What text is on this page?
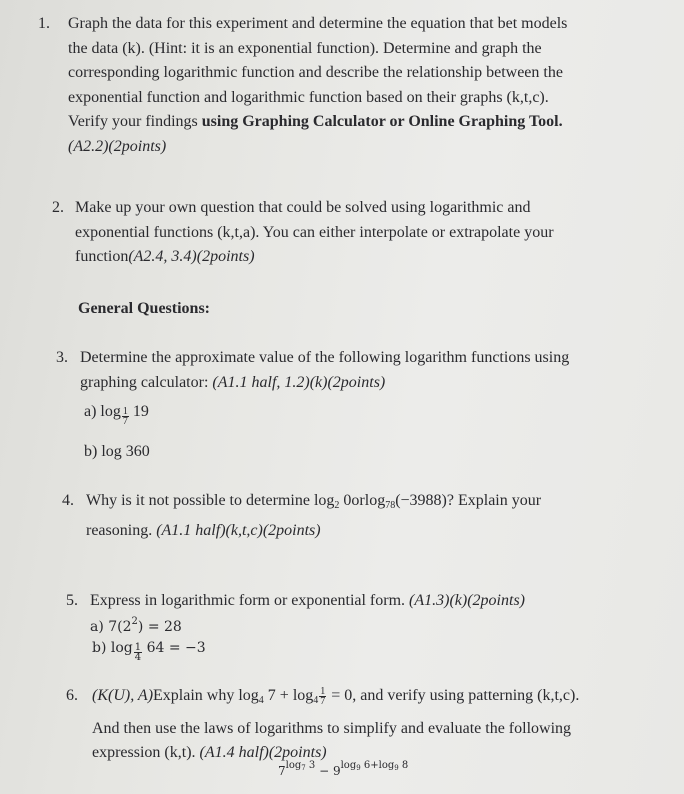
1. Graph the data for this experiment and determine the equation that bet models
the data (k). (Hint: it is an exponential function). Determine and graph the
corresponding logarithmic function and describe the relationship between the
exponential function and logarithmic function based on their graphs (k,t,c).
Verify your findings using Graphing Calculator or Online Graphing Tool.
(A2.2)(2points)
2. Make up your own question that could be solved using logarithmic and
exponential functions (k,t,a). You can either interpolate or extrapolate your
function(A2.4, 3.4)(2points)
General Questions:
3. Determine the approximate value of the following logarithm functions using
graphing calculator: (A1.1 half, 1.2)(k)(2points)
a) $\log \frac{1}{7} 19$
b) log 360
4. Why is it not possible to determine $\log_2 0orlog_{78}(-3988)$? Explain your
reasoning. (A1.1 half)(k,t,c)(2points)
5. Express in logarithmic form or exponential form. (A1.3)(k)(2points)
a) $7(2^2) = 28$
b) $\log \frac{1}{4} 64 = -3$
6. (K(U), A)Explain why $\log_4 7 + \log_4 \frac{1}{7} = 0$, and verify using patterning (k,t,c).
And then use the laws of logarithms to simplify and evaluate the following
expression (k,t). (A1.4 half)(2points)
$7^{log_7 3} - 9^{log_9 6+log_9 8}$
